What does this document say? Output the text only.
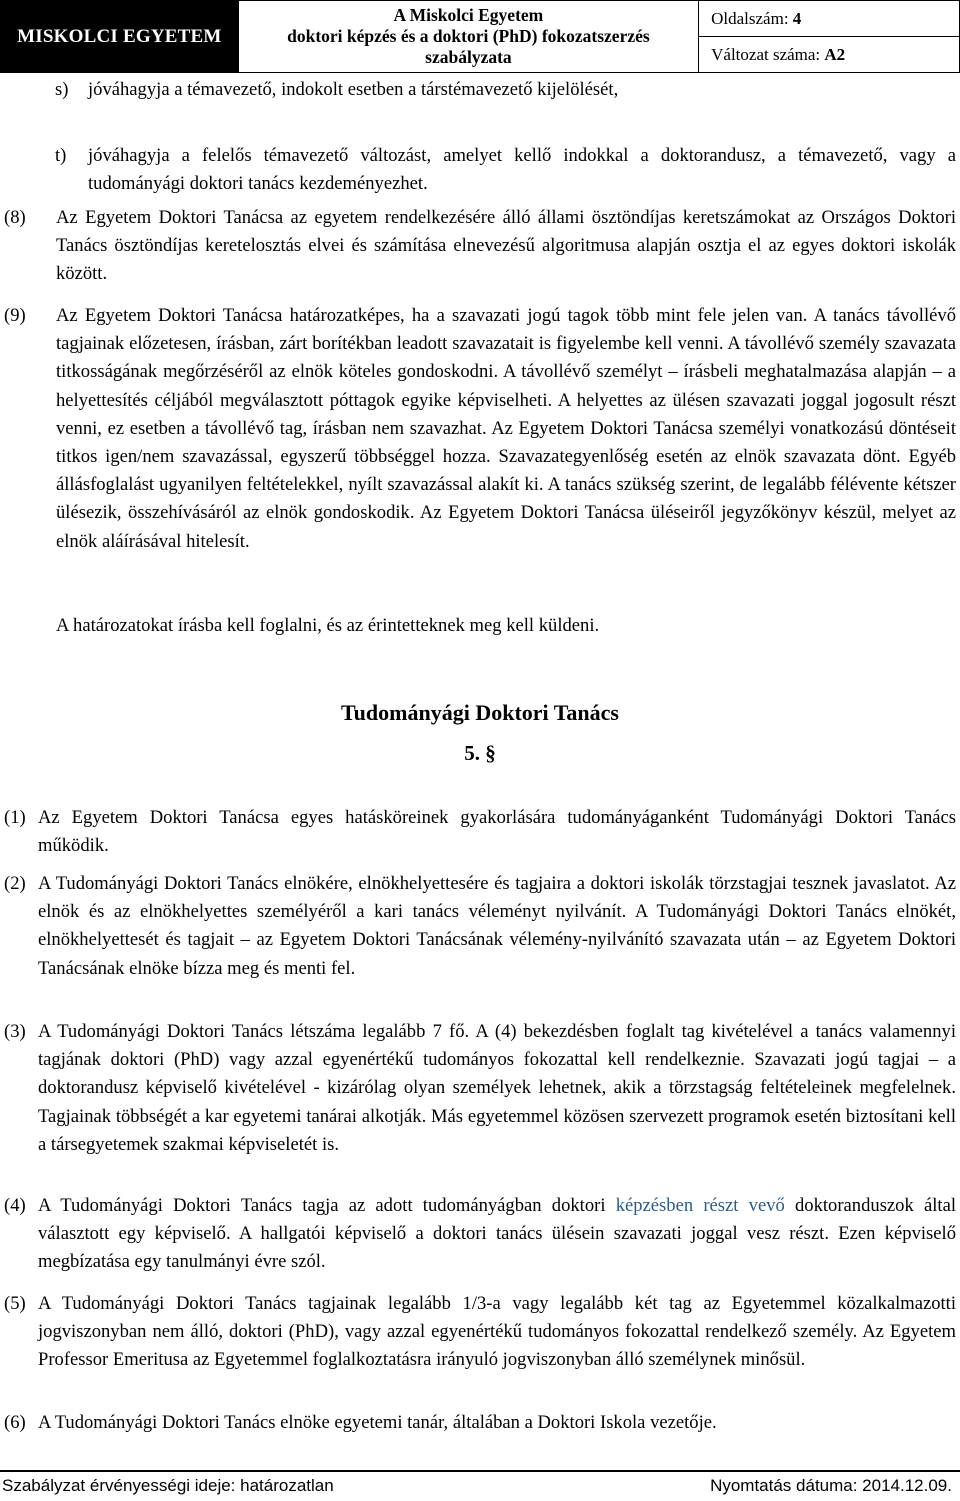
MISKOLCI EGYETEM	
A Miskolci Egyetem
doktori képzés és a doktori (PhD) fokozatszerzés
szabályzata
	Oldalszám: 4
Változat száma: A2
s) jóváhagyja a témavezető, indokolt esetben a társtémavezető kijelölését,
t) jóváhagyja a felelős témavezető változást, amelyet kellő indokkal a doktorandusz, a témavezető, vagy a tudományági doktori tanács kezdeményezhet.
(8) Az Egyetem Doktori Tanácsa az egyetem rendelkezésére álló állami ösztöndíjas keretszámokat az Országos Doktori Tanács ösztöndíjas keretelosztás elvei és számítása elnevezésű algoritmusa alapján osztja el az egyes doktori iskolák között.
(9) Az Egyetem Doktori Tanácsa határozatképes, ha a szavazati jogú tagok több mint fele jelen van. A tanács távollévő tagjainak előzetesen, írásban, zárt borítékban leadott szavazatait is figyelembe kell venni. A távollévő személy szavazata titkosságának megőrzéséről az elnök köteles gondoskodni. A távollévő személyt – írásbeli meghatalmazása alapján – a helyettesítés céljából megválasztott póttagok egyike képviselheti. A helyettes az ülésen szavazati joggal jogosult részt venni, ez esetben a távollévő tag, írásban nem szavazhat. Az Egyetem Doktori Tanácsa személyi vonatkozású döntéseit titkos igen/nem szavazással, egyszerű többséggel hozza. Szavazategyenlőség esetén az elnök szavazata dönt. Egyéb állásfoglalást ugyanilyen feltételekkel, nyílt szavazással alakít ki. A tanács szükség szerint, de legalább félévente kétszer ülésezik, összehívásáról az elnök gondoskodik. Az Egyetem Doktori Tanácsa üléseiről jegyzőkönyv készül, melyet az elnök aláírásával hitelesít.
A határozatokat írásba kell foglalni, és az érintetteknek meg kell küldeni.
Tudományági Doktori Tanács
5. §
(1) Az Egyetem Doktori Tanácsa egyes hatásköreinek gyakorlására tudományáganként Tudományági Doktori Tanács működik.
(2) A Tudományági Doktori Tanács elnökére, elnökhelyettesére és tagjaira a doktori iskolák törzstagjai tesznek javaslatot. Az elnök és az elnökhelyettes személyéről a kari tanács véleményt nyilvánít. A Tudományági Doktori Tanács elnökét, elnökhelyettesét és tagjait – az Egyetem Doktori Tanácsának vélemény-nyilvánító szavazata után – az Egyetem Doktori Tanácsának elnöke bízza meg és menti fel.
(3) A Tudományági Doktori Tanács létszáma legalább 7 fő. A (4) bekezdésben foglalt tag kivételével a tanács valamennyi tagjának doktori (PhD) vagy azzal egyenértékű tudományos fokozattal kell rendelkeznie. Szavazati jogú tagjai – a doktorandusz képviselő kivételével - kizárólag olyan személyek lehetnek, akik a törzstagság feltételeinek megfelelnek. Tagjainak többségét a kar egyetemi tanárai alkotják. Más egyetemmel közösen szervezett programok esetén biztosítani kell a társegyetemek szakmai képviseletét is.
(4) A Tudományági Doktori Tanács tagja az adott tudományágban doktori képzésben részt vevő doktoranduszok által választott egy képviselő. A hallgatói képviselő a doktori tanács ülésein szavazati joggal vesz részt. Ezen képviselő megbízatása egy tanulmányi évre szól.
(5) A Tudományági Doktori Tanács tagjainak legalább 1/3-a vagy legalább két tag az Egyetemmel közalkalmazotti jogviszonyban nem álló, doktori (PhD), vagy azzal egyenértékű tudományos fokozattal rendelkező személy. Az Egyetem Professor Emeritusa az Egyetemmel foglalkoztatásra irányuló jogviszonyban álló személynek minősül.
(6) A Tudományági Doktori Tanács elnöke egyetemi tanár, általában a Doktori Iskola vezetője.
Szabályzat érvényességi ideje: határozatlan	Nyomtatás dátuma: 2014.12.09.
